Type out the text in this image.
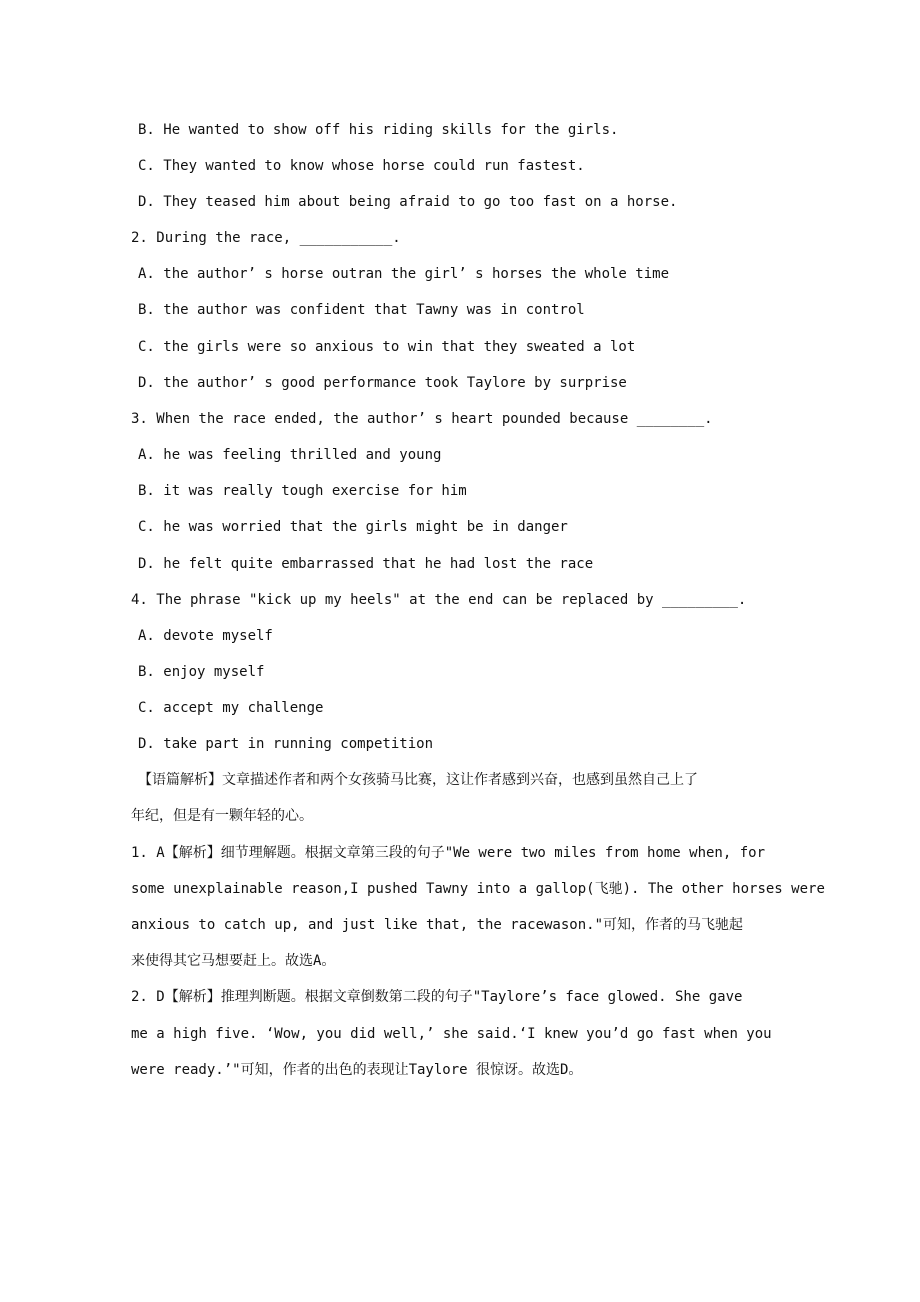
B. He wanted to show off his riding skills for the girls.
C. They wanted to know whose horse could run fastest.
D. They teased him about being afraid to go too fast on a horse.
2. During the race, ___________.
A. the author’ s horse outran the girl’ s horses the whole time
B. the author was confident that Tawny was in control
C. the girls were so anxious to win that they sweated a lot
D. the author’ s good performance took Taylore by surprise
3. When the race ended, the author’ s heart pounded because ________.
A. he was feeling thrilled and young
B. it was really tough exercise for him
C. he was worried that the girls might be in danger
D. he felt quite embarrassed that he had lost the race
4. The phrase "kick up my heels" at the end can be replaced by _________.
A. devote myself
B. enjoy myself
C. accept my challenge
D. take part in running competition
【语篇解析】文章描述作者和两个女孩骑马比赛，这让作者感到兴奋，也感到虽然自己上了
年纪，但是有一颗年轻的心。
1. A【解析】细节理解题。根据文章第三段的句子"We were two miles from home when, for
some unexplainable reason,I pushed Tawny into a gallop(飞驰). The other horses were
anxious to catch up, and just like that, the racewason."可知，作者的马飞驰起
来使得其它马想要赶上。故选A。
2. D【解析】推理判断题。根据文章倒数第二段的句子"Taylore’s face glowed. She gave
me a high five. ‘Wow, you did well,’ she said.‘I knew you’d go fast when you
were ready.’"可知，作者的出色的表现让Taylore 很惊讶。故选D。
